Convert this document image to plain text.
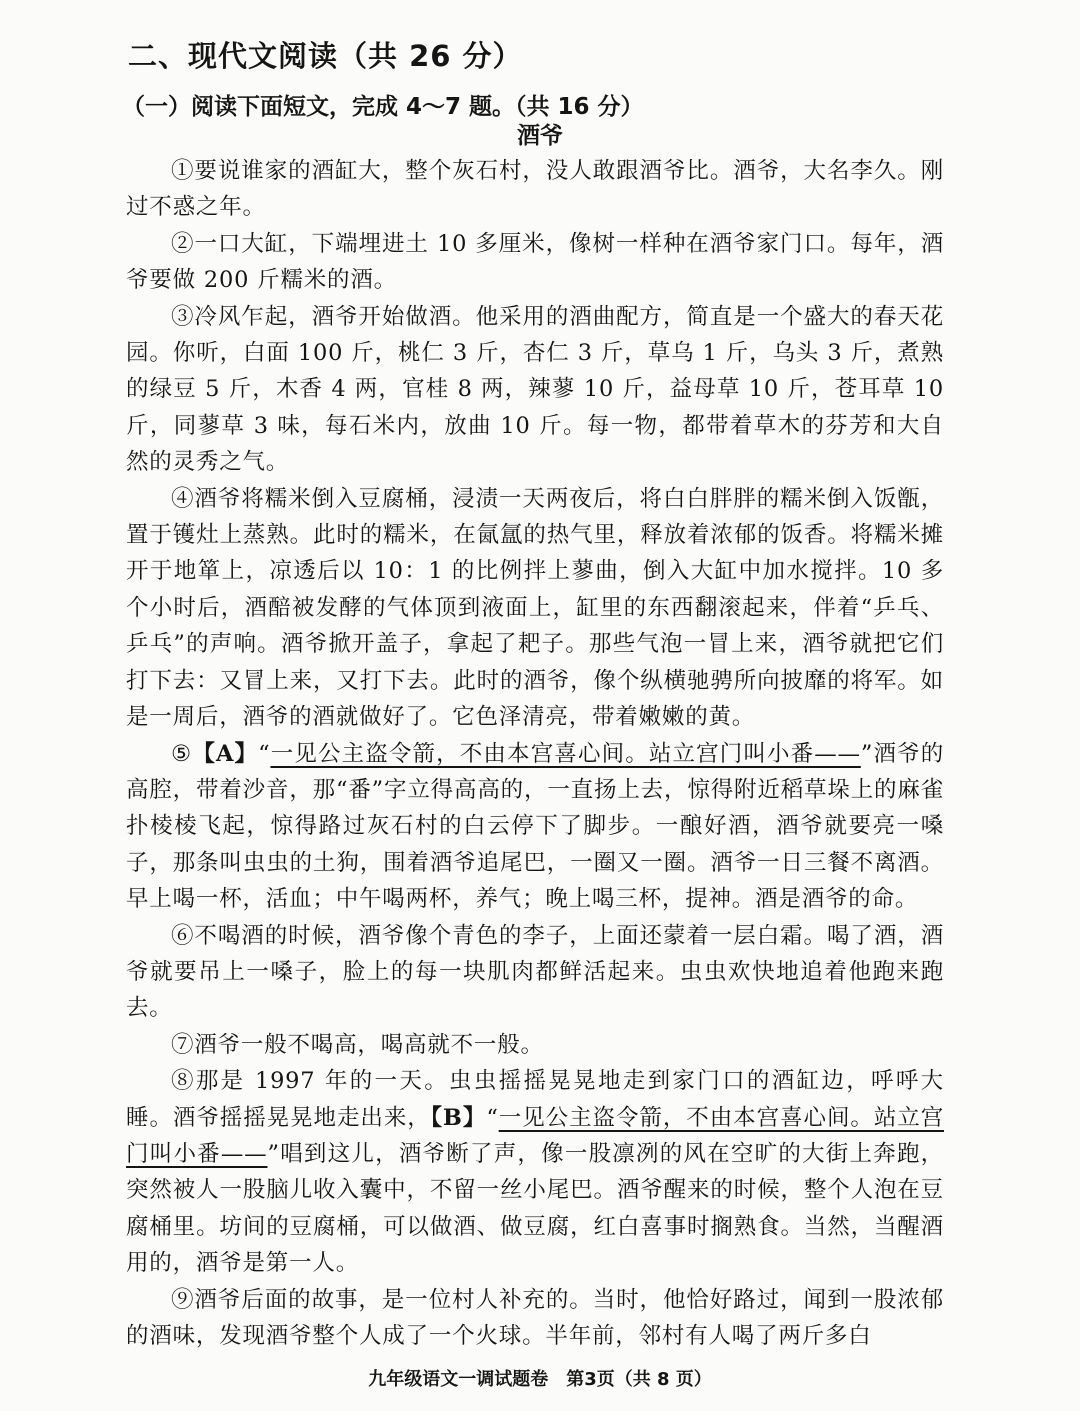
二、现代文阅读（共 26 分）
（一）阅读下面短文，完成 4～7 题。（共 16 分）
酒爷

①要说谁家的酒缸大，整个灰石村，没人敢跟酒爷比。酒爷，大名李久。刚过不惑之年。

②一口大缸，下端埋进土 10 多厘米，像树一样种在酒爷家门口。每年，酒爷要做 200 斤糯米的酒。

③冷风乍起，酒爷开始做酒。他采用的酒曲配方，简直是一个盛大的春天花园。你听，白面 100 斤，桃仁 3 斤，杏仁 3 斤，草乌 1 斤，乌头 3 斤，煮熟的绿豆 5 斤，木香 4 两，官桂 8 两，辣蓼 10 斤，益母草 10 斤，苍耳草 10 斤，同蓼草 3 味，每石米内，放曲 10 斤。每一物，都带着草木的芬芳和大自然的灵秀之气。

④酒爷将糯米倒入豆腐桶，浸渍一天两夜后，将白白胖胖的糯米倒入饭甑，置于镬灶上蒸熟。此时的糯米，在氤氲的热气里，释放着浓郁的饭香。将糯米摊开于地箪上，凉透后以 10：1 的比例拌上蓼曲，倒入大缸中加水搅拌。10 多个小时后，酒醅被发酵的气体顶到液面上，缸里的东西翻滚起来，伴着“乒乓、乒乓”的声响。酒爷掀开盖子，拿起了耙子。那些气泡一冒上来，酒爷就把它们打下去：又冒上来，又打下去。此时的酒爷，像个纵横驰骋所向披靡的将军。如是一周后，酒爷的酒就做好了。它色泽清亮，带着嫩嫩的黄。

⑤【A】“一见公主盗令箭，不由本宫喜心间。站立宫门叫小番——”酒爷的高腔，带着沙音，那“番”字立得高高的，一直扬上去，惊得附近稻草垛上的麻雀扑棱棱飞起，惊得路过灰石村的白云停下了脚步。一酿好酒，酒爷就要亮一嗓子，那条叫虫虫的土狗，围着酒爷追尾巴，一圈又一圈。酒爷一日三餐不离酒。早上喝一杯，活血；中午喝两杯，养气；晚上喝三杯，提神。酒是酒爷的命。

⑥不喝酒的时候，酒爷像个青色的李子，上面还蒙着一层白霜。喝了酒，酒爷就要吊上一嗓子，脸上的每一块肌肉都鲜活起来。虫虫欢快地追着他跑来跑去。

⑦酒爷一般不喝高，喝高就不一般。

⑧那是 1997 年的一天。虫虫摇摇晃晃地走到家门口的酒缸边，呼呼大睡。酒爷摇摇晃晃地走出来，【B】“一见公主盗令箭，不由本宫喜心间。站立宫门叫小番——”唱到这儿，酒爷断了声，像一股凛冽的风在空旷的大街上奔跑，突然被人一股脑儿收入囊中，不留一丝小尾巴。酒爷醒来的时候，整个人泡在豆腐桶里。坊间的豆腐桶，可以做酒、做豆腐，红白喜事时搁熟食。当然，当醒酒用的，酒爷是第一人。

⑨酒爷后面的故事，是一位村人补充的。当时，他恰好路过，闻到一股浓郁的酒味，发现酒爷整个人成了一个火球。半年前，邻村有人喝了两斤多白

九年级语文一调试题卷　第3页（共 8 页）
